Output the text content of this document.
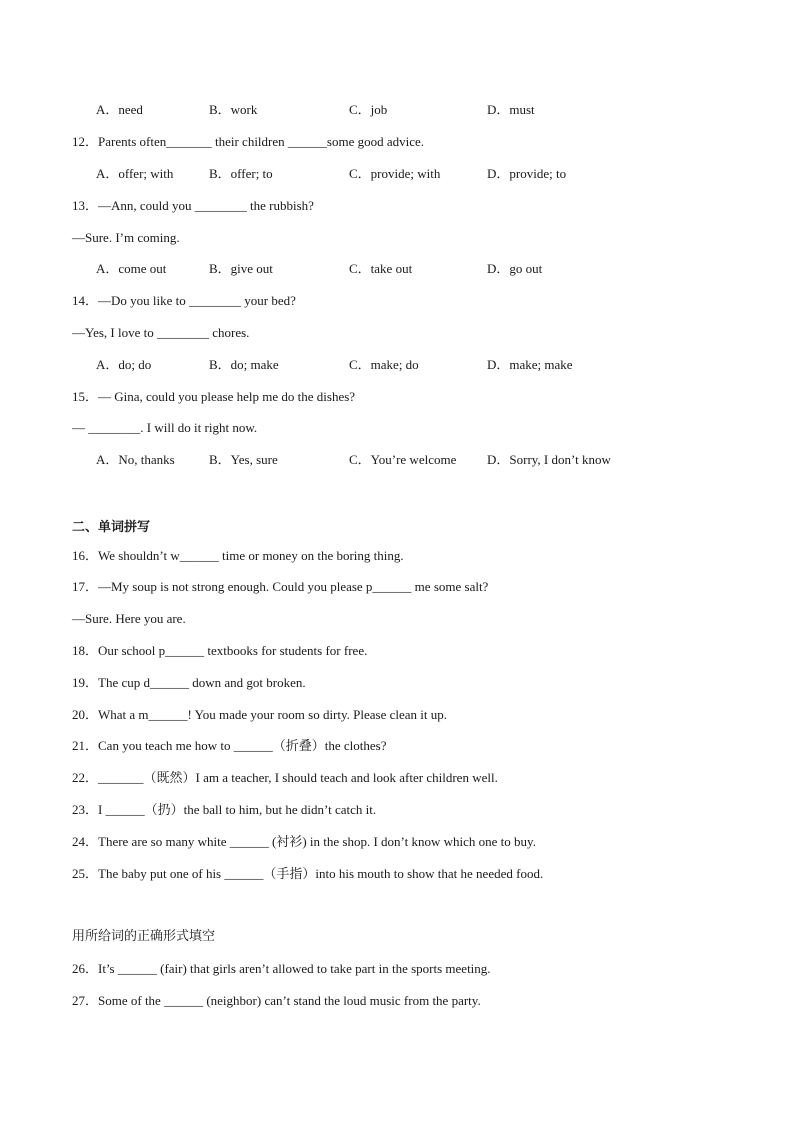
A．need	B．work	C．job	D．must
12．Parents often_______ their children ______some good advice.
A．offer; with	B．offer; to	C．provide; with	D．provide; to
13．—Ann, could you ________ the rubbish?
—Sure. I’m coming.
A．come out	B．give out	C．take out	D．go out
14．—Do you like to ________ your bed?
—Yes, I love to ________ chores.
A．do; do	B．do; make	C．make; do	D．make; make
15．— Gina, could you please help me do the dishes?
— ________. I will do it right now.
A．No, thanks	B．Yes, sure	C．You’re welcome D．Sorry, I don’t know
二、单词拼写
16．We shouldn’t w______ time or money on the boring thing.
17．—My soup is not strong enough. Could you please p______ me some salt?
—Sure. Here you are.
18．Our school p______ textbooks for students for free.
19．The cup d______ down and got broken.
20．What a m______! You made your room so dirty. Please clean it up.
21．Can you teach me how to ______（折叠）the clothes?
22．_______（既然）I am a teacher, I should teach and look after children well.
23．I ______（扔）the ball to him, but he didn’t catch it.
24．There are so many white ______ (衬衫) in the shop. I don’t know which one to buy.
25．The baby put one of his ______（手指）into his mouth to show that he needed food.
用所给词的正确形式填空
26．It’s ______ (fair) that girls aren’t allowed to take part in the sports meeting.
27．Some of the ______ (neighbor) can’t stand the loud music from the party.
